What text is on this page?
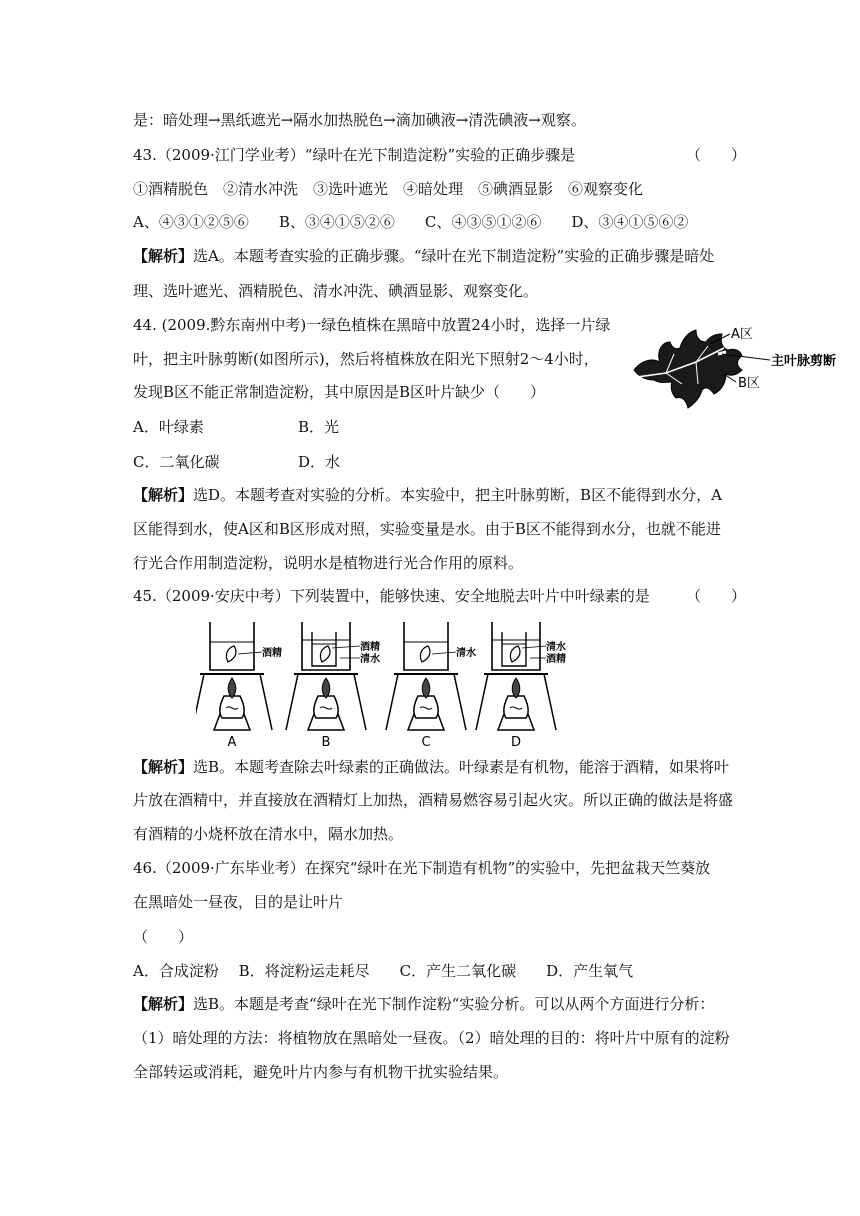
是：暗处理→黑纸遮光→隔水加热脱色→滴加碘液→清洗碘液→观察。
43.（2009·江门学业考）“绿叶在光下制造淀粉”实验的正确步骤是	（　　）
①酒精脱色　②清水冲洗　③选叶遮光　④暗处理　⑤碘酒显影　⑥观察变化
A、④③①②⑤⑥　　B、③④①⑤②⑥　　C、④③⑤①②⑥　　D、③④①⑤⑥②
【解析】选A。本题考查实验的正确步骤。“绿叶在光下制造淀粉”实验的正确步骤是暗处
理、选叶遮光、酒精脱色、清水冲洗、碘酒显影、观察变化。
44. (2009.黔东南州中考)一绿色植株在黑暗中放置24小时，选择一片绿
叶，把主叶脉剪断(如图所示)，然后将植株放在阳光下照射2～4小时，
发现B区不能正常制造淀粉，其中原因是B区叶片缺少（　　）
A区
主叶脉剪断
B区
A．叶绿素	B．光
C．二氧化碳	D．水
【解析】选D。本题考查对实验的分析。本实验中，把主叶脉剪断，B区不能得到水分，A
区能得到水，使A区和B区形成对照，实验变量是水。由于B区不能得到水分，也就不能进
行光合作用制造淀粉，说明水是植物进行光合作用的原料。
45.（2009·安庆中考）下列装置中，能够快速、安全地脱去叶片中叶绿素的是	（　　）
酒精
酒精
清水
清水
清水
酒精
A	B	C	D
【解析】选B。本题考查除去叶绿素的正确做法。叶绿素是有机物，能溶于酒精，如果将叶
片放在酒精中，并直接放在酒精灯上加热，酒精易燃容易引起火灾。所以正确的做法是将盛
有酒精的小烧杯放在清水中，隔水加热。
46.（2009·广东毕业考）在探究“绿叶在光下制造有机物”的实验中，先把盆栽天竺葵放
在黑暗处一昼夜，目的是让叶片
（　　）
A．合成淀粉　 B．将淀粉运走耗尽　　C．产生二氧化碳　　D．产生氧气
【解析】选B。本题是考查“绿叶在光下制作淀粉“实验分析。可以从两个方面进行分析：
（1）暗处理的方法：将植物放在黑暗处一昼夜。（2）暗处理的目的：将叶片中原有的淀粉
全部转运或消耗，避免叶片内参与有机物干扰实验结果。
